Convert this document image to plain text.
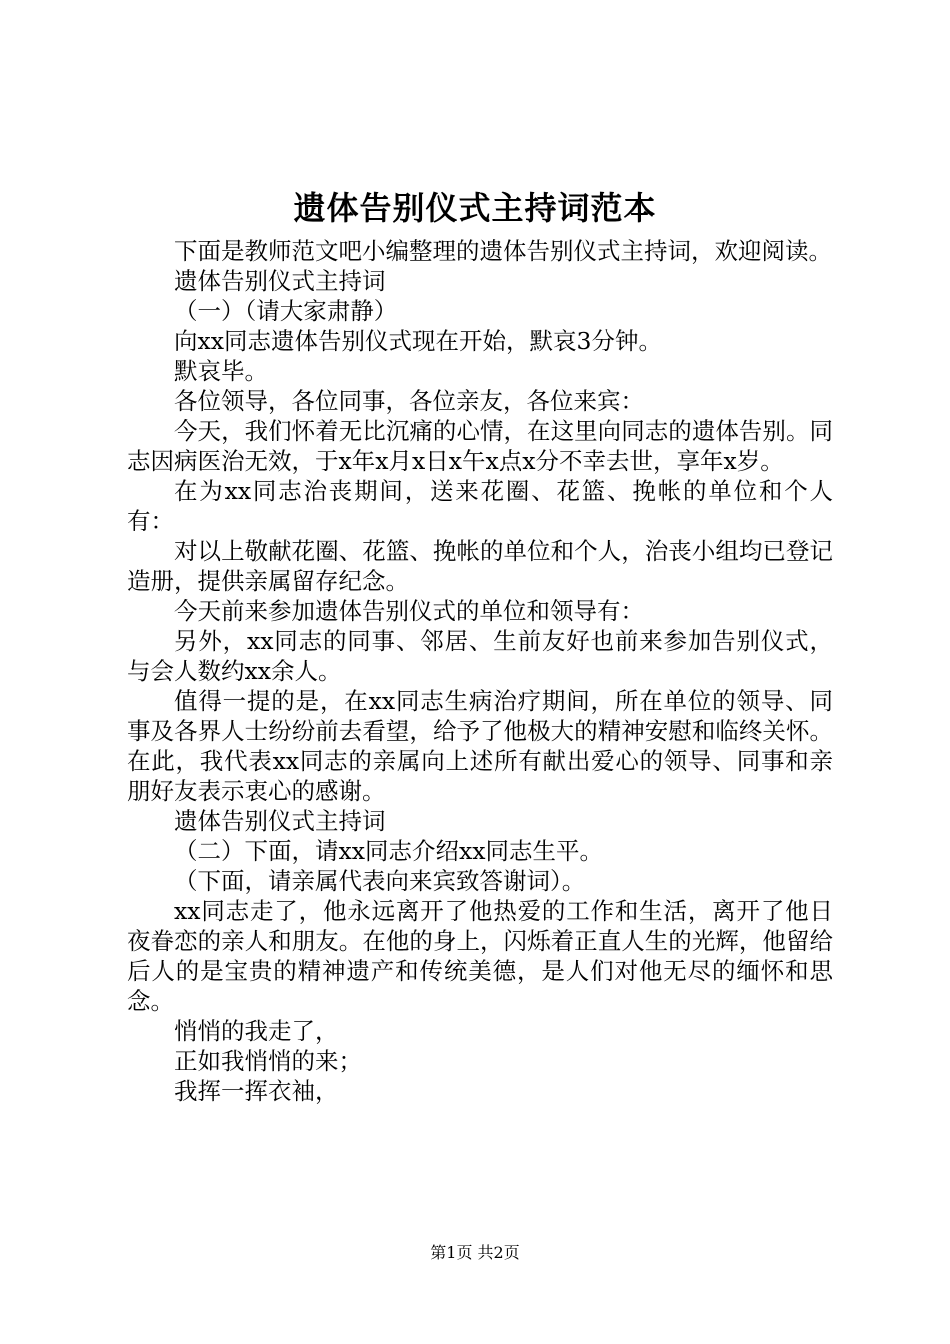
遗体告别仪式主持词范本

下面是教师范文吧小编整理的遗体告别仪式主持词，欢迎阅读。

遗体告别仪式主持词

（一）（请大家肃静）

向xx同志遗体告别仪式现在开始，默哀3分钟。

默哀毕。

各位领导，各位同事，各位亲友，各位来宾：

今天，我们怀着无比沉痛的心情，在这里向同志的遗体告别。同志因病医治无效，于x年x月x日x午x点x分不幸去世，享年x岁。

在为xx同志治丧期间，送来花圈、花篮、挽帐的单位和个人有：

对以上敬献花圈、花篮、挽帐的单位和个人，治丧小组均已登记造册，提供亲属留存纪念。

今天前来参加遗体告别仪式的单位和领导有：

另外，xx同志的同事、邻居、生前友好也前来参加告别仪式，与会人数约xx余人。

值得一提的是，在xx同志生病治疗期间，所在单位的领导、同事及各界人士纷纷前去看望，给予了他极大的精神安慰和临终关怀。在此，我代表xx同志的亲属向上述所有献出爱心的领导、同事和亲朋好友表示衷心的感谢。

遗体告别仪式主持词

（二）下面，请xx同志介绍xx同志生平。

（下面，请亲属代表向来宾致答谢词）。

xx同志走了，他永远离开了他热爱的工作和生活，离开了他日夜眷恋的亲人和朋友。在他的身上，闪烁着正直人生的光辉，他留给后人的是宝贵的精神遗产和传统美德，是人们对他无尽的缅怀和思念。

悄悄的我走了，

正如我悄悄的来；

我挥一挥衣袖，

第1页 共2页
